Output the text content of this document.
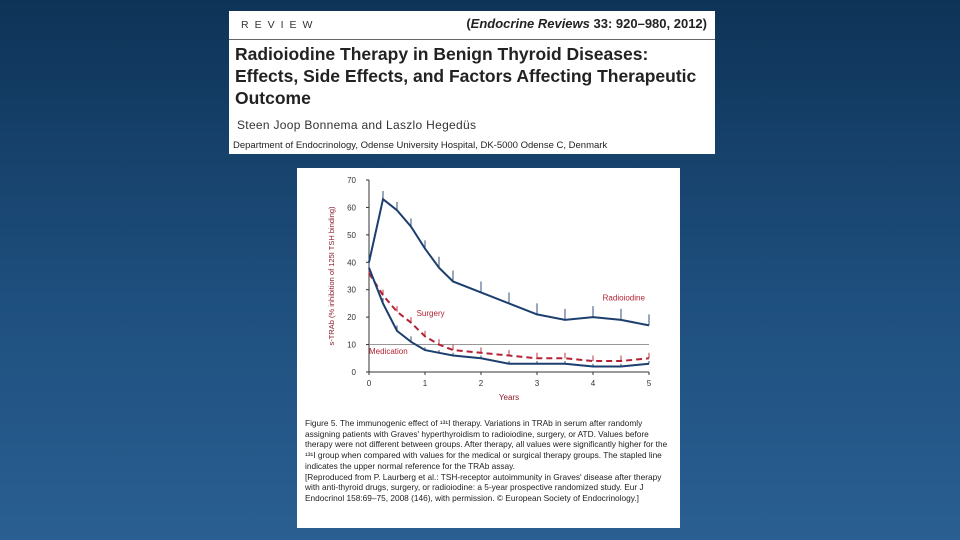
REVIEW	(Endocrine Reviews 33: 920–980, 2012)
Radioiodine Therapy in Benign Thyroid Diseases: Effects, Side Effects, and Factors Affecting Therapeutic Outcome
Steen Joop Bonnema and Laszlo Hegedüs
Department of Endocrinology, Odense University Hospital, DK-5000 Odense C, Denmark
0
10
20
30
40
50
60
70
0	1	2	3	4	5
Years
s-TRAb (% inhibition of 125I TSH binding)	Radioiodine
Surgery
Medication

Figure 5. The immunogenic effect of ¹³¹I therapy. Variations in TRAb in serum after randomly assigning patients with Graves' hyperthyroidism to radioiodine, surgery, or ATD. Values before therapy were not different between groups. After therapy, all values were significantly higher for the ¹³¹I group when compared with values for the medical or surgical therapy groups. The stapled line indicates the upper normal reference for the TRAb assay.

[Reproduced from P. Laurberg et al.: TSH-receptor autoimmunity in Graves' disease after therapy with anti-thyroid drugs, surgery, or radioiodine: a 5-year prospective randomized study. Eur J Endocrinol 158:69–75, 2008 (146), with permission. © European Society of Endocrinology.]
